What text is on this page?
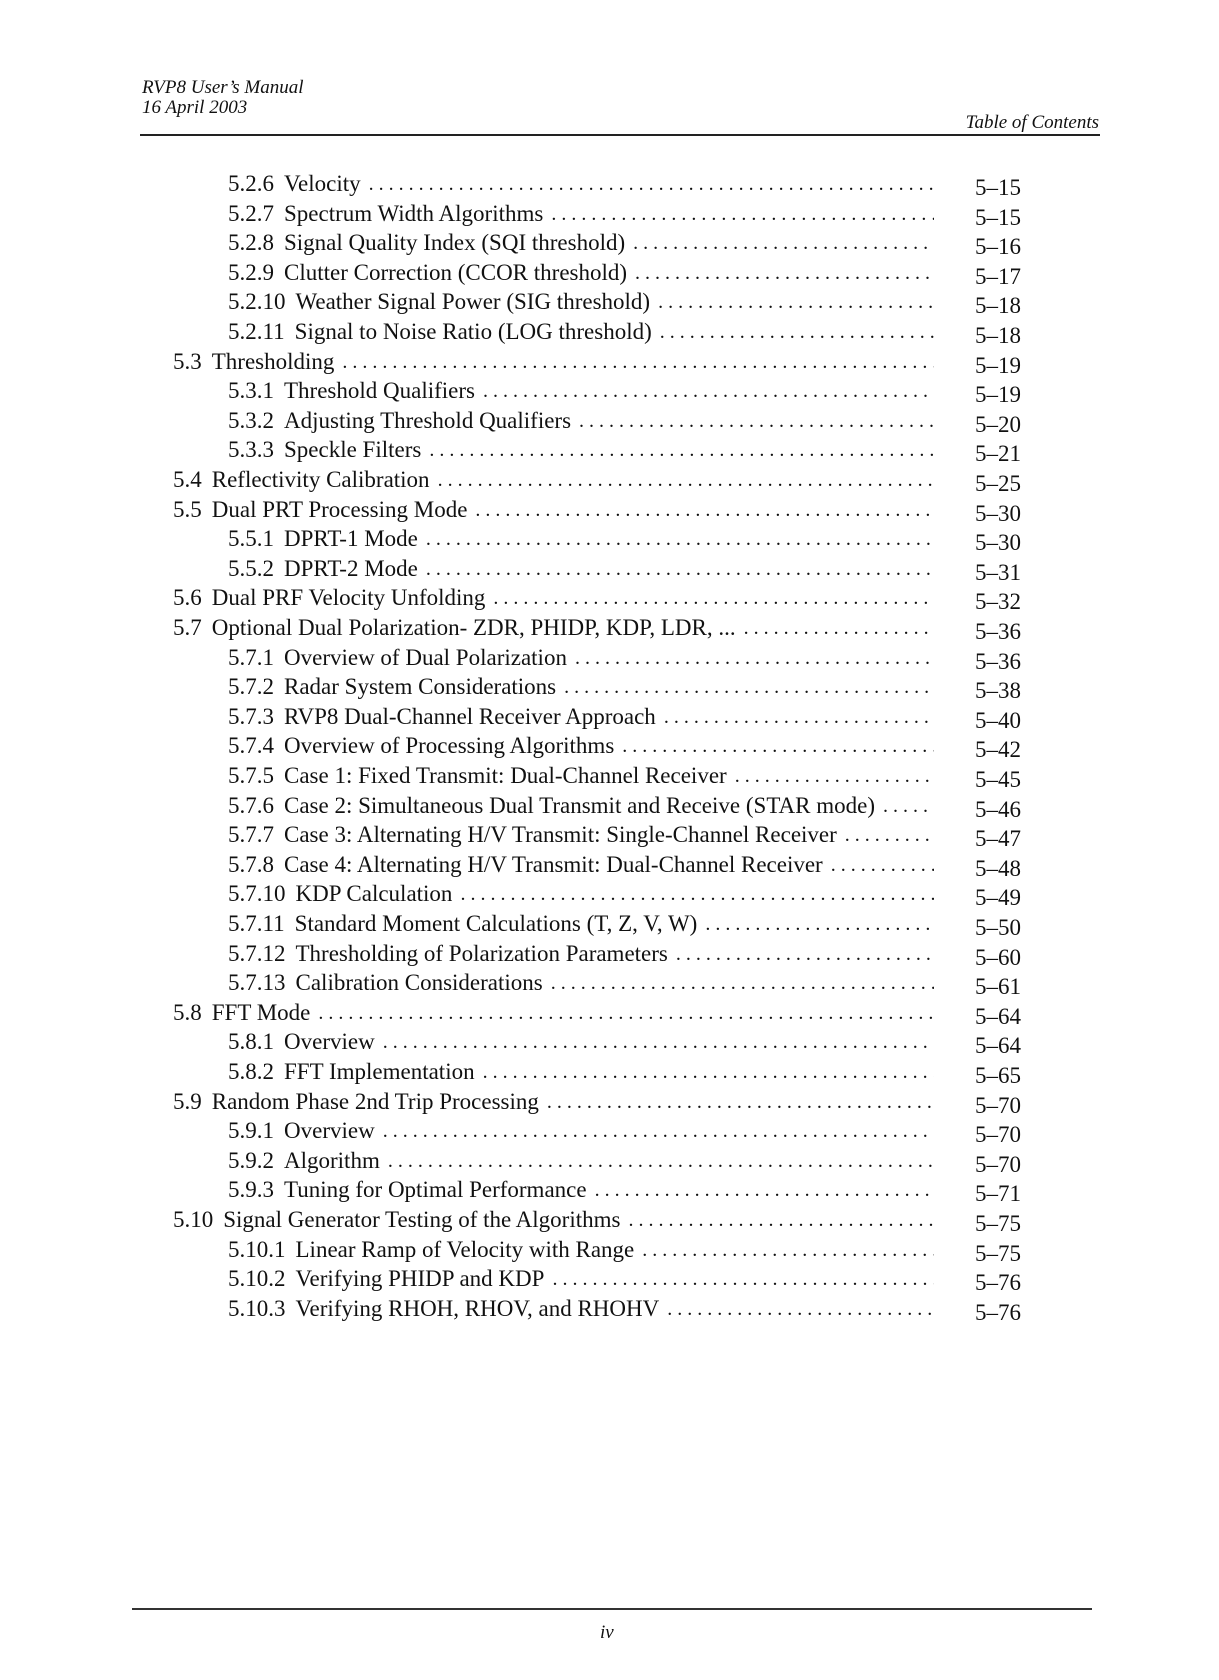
RVP8 User’s Manual
16 April 2003
Table of Contents
5.2.6 Velocity . . .	5–15
5.2.7 Spectrum Width Algorithms . . .	5–15
5.2.8 Signal Quality Index (SQI threshold) . . .	5–16
5.2.9 Clutter Correction (CCOR threshold) . . .	5–17
5.2.10 Weather Signal Power (SIG threshold) . . .	5–18
5.2.11 Signal to Noise Ratio (LOG threshold) . . .	5–18
5.3 Thresholding . . .	5–19
5.3.1 Threshold Qualifiers . . .	5–19
5.3.2 Adjusting Threshold Qualifiers . . .	5–20
5.3.3 Speckle Filters . . .	5–21
5.4 Reflectivity Calibration . . .	5–25
5.5 Dual PRT Processing Mode . . .	5–30
5.5.1 DPRT-1 Mode . . .	5–30
5.5.2 DPRT-2 Mode . . .	5–31
5.6 Dual PRF Velocity Unfolding . . .	5–32
5.7 Optional Dual Polarization- ZDR, PHIDP, KDP, LDR, ... . . .	5–36
5.7.1 Overview of Dual Polarization . . .	5–36
5.7.2 Radar System Considerations . . .	5–38
5.7.3 RVP8 Dual-Channel Receiver Approach . . .	5–40
5.7.4 Overview of Processing Algorithms . . .	5–42
5.7.5 Case 1: Fixed Transmit: Dual-Channel Receiver . . .	5–45
5.7.6 Case 2: Simultaneous Dual Transmit and Receive (STAR mode) . . .	5–46
5.7.7 Case 3: Alternating H/V Transmit: Single-Channel Receiver . . .	5–47
5.7.8 Case 4: Alternating H/V Transmit: Dual-Channel Receiver . . .	5–48
5.7.10 KDP Calculation . . .	5–49
5.7.11 Standard Moment Calculations (T, Z, V, W) . . .	5–50
5.7.12 Thresholding of Polarization Parameters . . .	5–60
5.7.13 Calibration Considerations . . .	5–61
5.8 FFT Mode . . .	5–64
5.8.1 Overview . . .	5–64
5.8.2 FFT Implementation . . .	5–65
5.9 Random Phase 2nd Trip Processing . . .	5–70
5.9.1 Overview . . .	5–70
5.9.2 Algorithm . . .	5–70
5.9.3 Tuning for Optimal Performance . . .	5–71
5.10 Signal Generator Testing of the Algorithms . . .	5–75
5.10.1 Linear Ramp of Velocity with Range . . .	5–75
5.10.2 Verifying PHIDP and KDP . . .	5–76
5.10.3 Verifying RHOH, RHOV, and RHOHV . . .	5–76
iv
